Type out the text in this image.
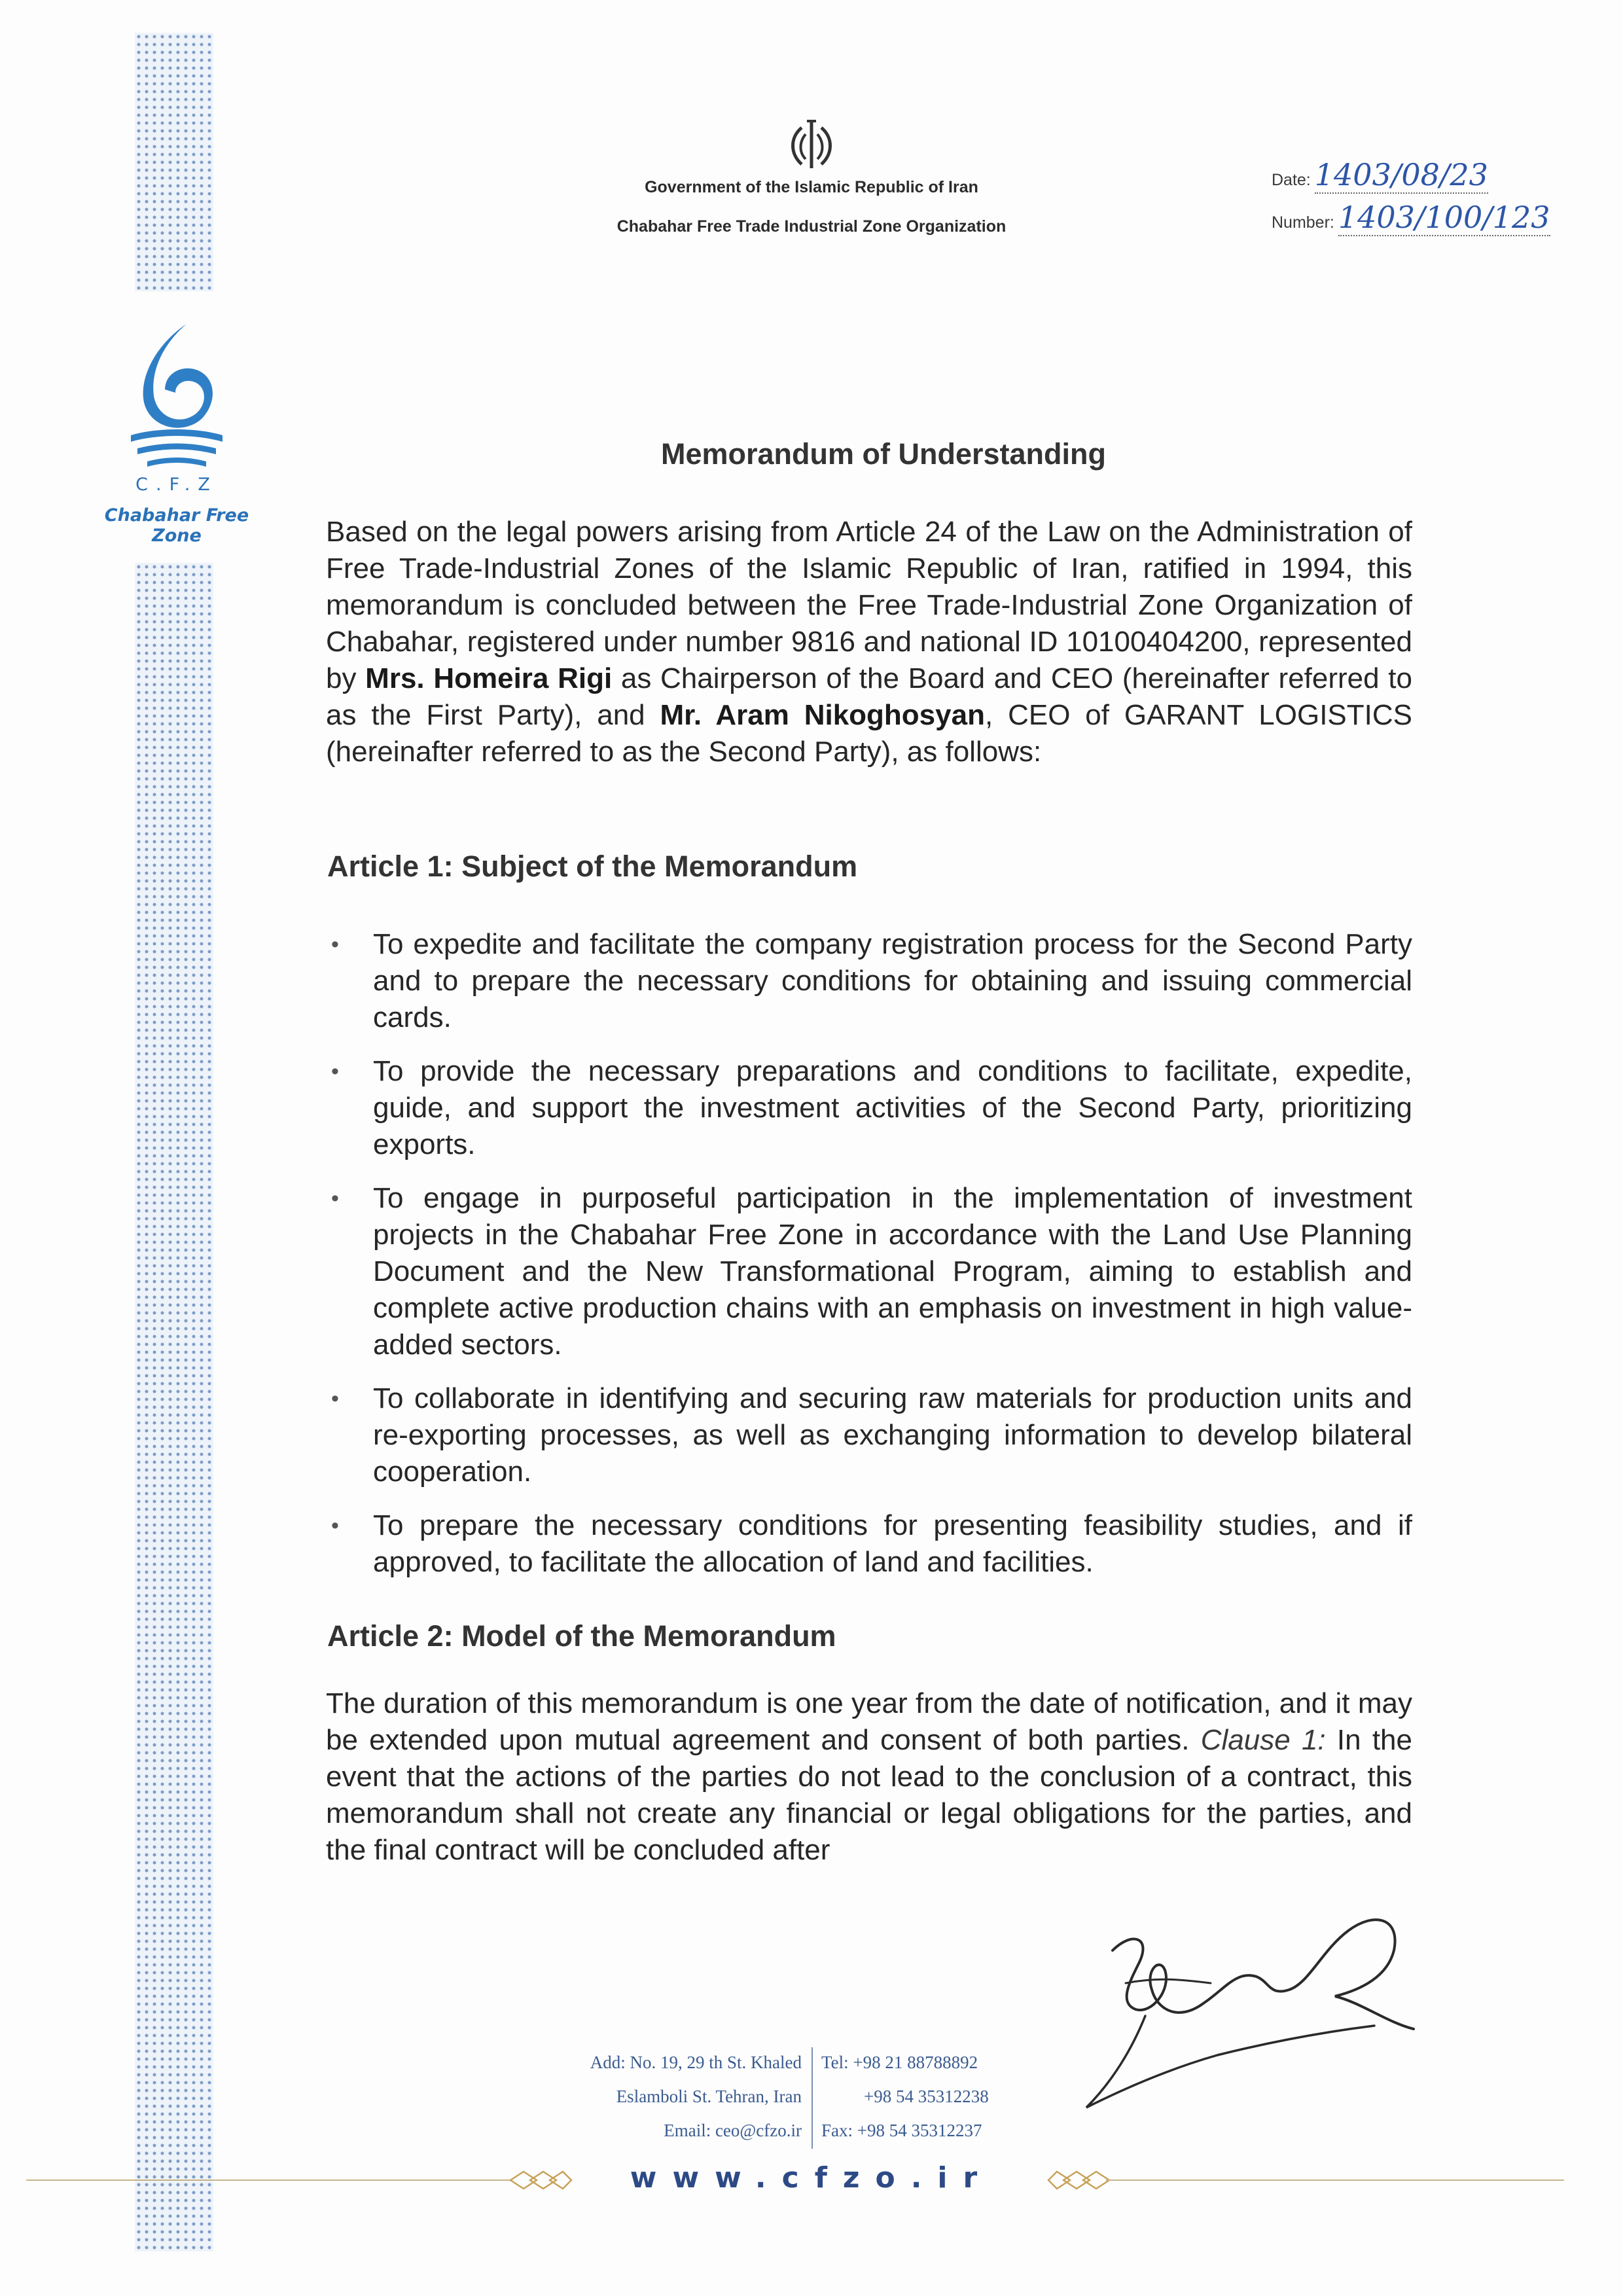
C.F.Z
Chabahar Free Zone
Government of the Islamic Republic of Iran
Chabahar Free Trade Industrial Zone Organization
Date: 1403/08/23
Number: 1403/100/123
Memorandum of Understanding
Based on the legal powers arising from Article 24 of the Law on the Administration of Free Trade-Industrial Zones of the Islamic Republic of Iran, ratified in 1994, this memorandum is concluded between the Free Trade-Industrial Zone Organization of Chabahar, registered under number 9816 and national ID 10100404200, represented by Mrs. Homeira Rigi as Chairperson of the Board and CEO (hereinafter referred to as the First Party), and Mr. Aram Nikoghosyan, CEO of GARANT LOGISTICS (hereinafter referred to as the Second Party), as follows:
Article 1: Subject of the Memorandum
• To expedite and facilitate the company registration process for the Second Party and to prepare the necessary conditions for obtaining and issuing commercial cards.
• To provide the necessary preparations and conditions to facilitate, expedite, guide, and support the investment activities of the Second Party, prioritizing exports.
• To engage in purposeful participation in the implementation of investment projects in the Chabahar Free Zone in accordance with the Land Use Planning Document and the New Transformational Program, aiming to establish and complete active production chains with an emphasis on investment in high value-added sectors.
• To collaborate in identifying and securing raw materials for production units and re-exporting processes, as well as exchanging information to develop bilateral cooperation.
• To prepare the necessary conditions for presenting feasibility studies, and if approved, to facilitate the allocation of land and facilities.
Article 2: Model of the Memorandum
The duration of this memorandum is one year from the date of notification, and it may be extended upon mutual agreement and consent of both parties. Clause 1: In the event that the actions of the parties do not lead to the conclusion of a contract, this memorandum shall not create any financial or legal obligations for the parties, and the final contract will be concluded after
Add: No. 19, 29 th St. Khaled
Eslamboli St. Tehran, Iran
Email: ceo@cfzo.ir
Tel: +98 21 88788892
+98 54 35312238
Fax: +98 54 35312237
www.cfzo.ir
